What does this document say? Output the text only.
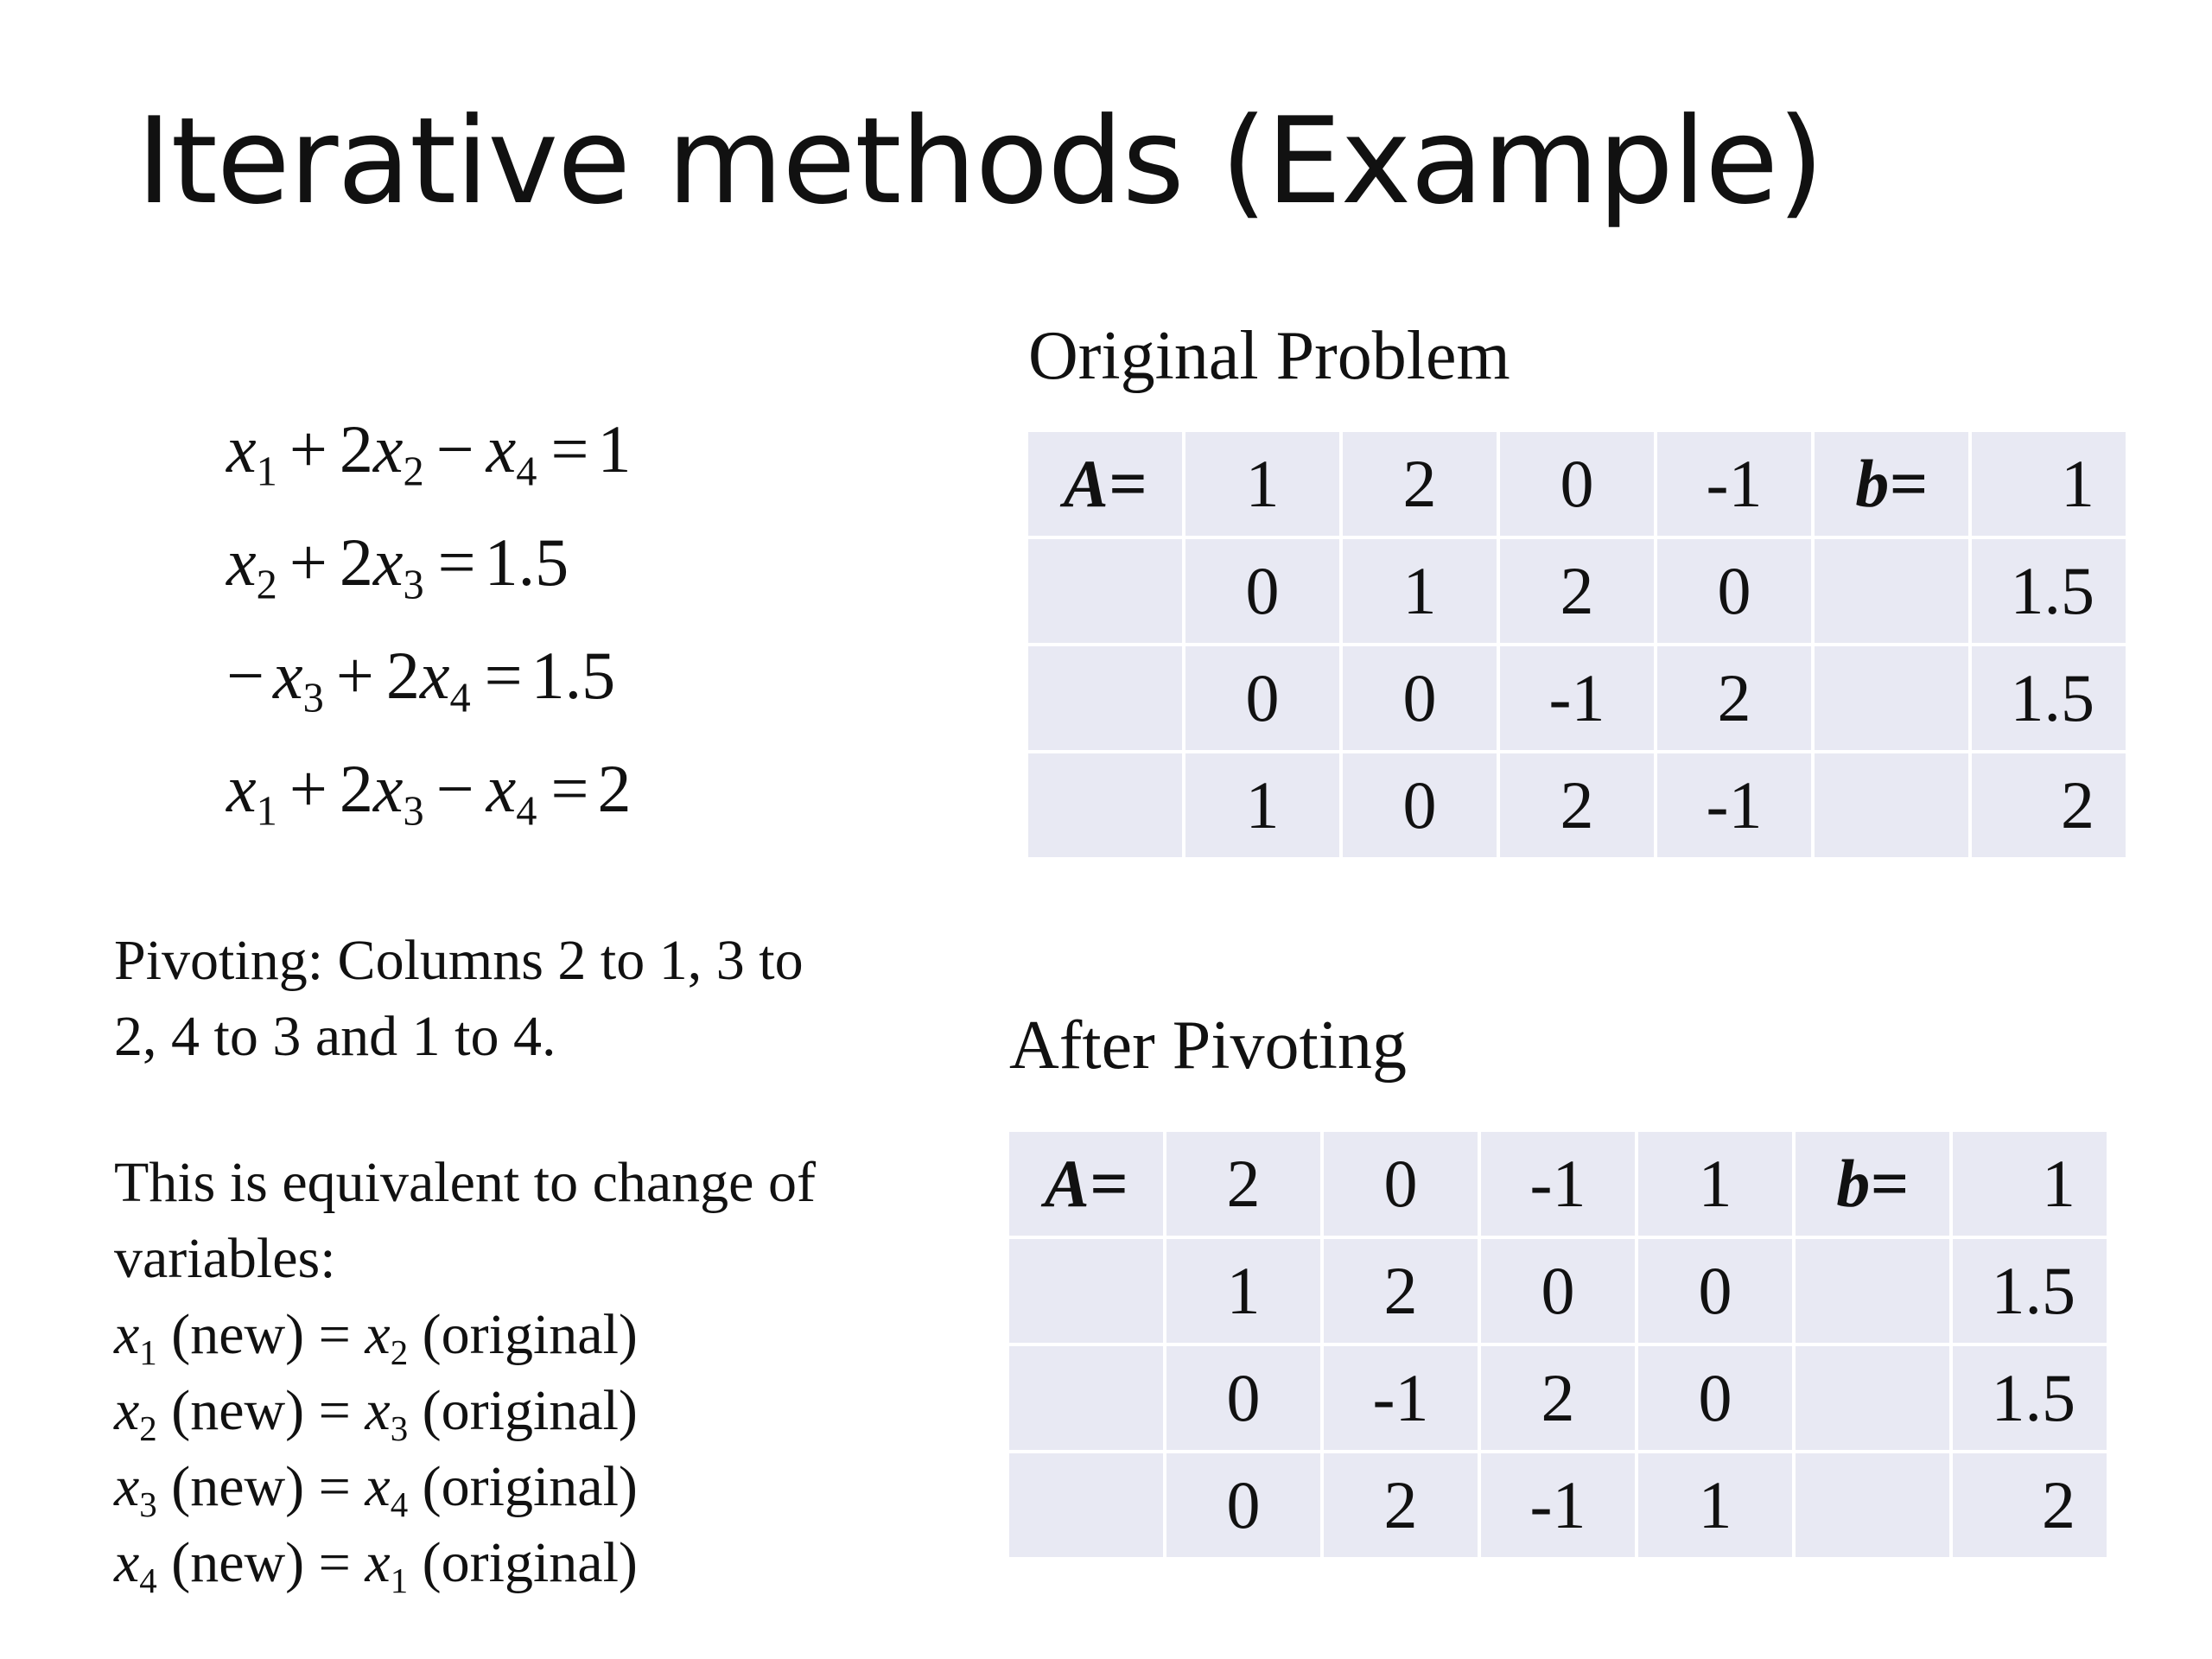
Iterative methods (Example)
$x_1 + 2$ $x_2 - x_4 = 1$
$x_2 + 2$ $x_3 = 1.5$
− $x_3 + 2$ $x_4 = 1.5$
$x_1 + 2$ $x_3 - x_4 = 2$
Pivoting: Columns 2 to 1, 3 to
2, 4 to 3 and 1 to 4.
This is equivalent to change of
variables:
$x_1$ $(new) = x_2$ (original)
$x_2$ $(new) = x_3$ (original)
$x_3$ $(new) = x_4$ (original)
$x_4$ $(new) = x_1$ (original)
Original Problem
A=	1	2	0	-1	b=	1
	0	1	2	0		1.5
	0	0	-1	2		1.5
	1	0	2	-1		2
After Pivoting
A=	2	0	-1	1	b=	1
	1	2	0	0		1.5
	0	-1	2	0		1.5
	0	2	-1	1		2
